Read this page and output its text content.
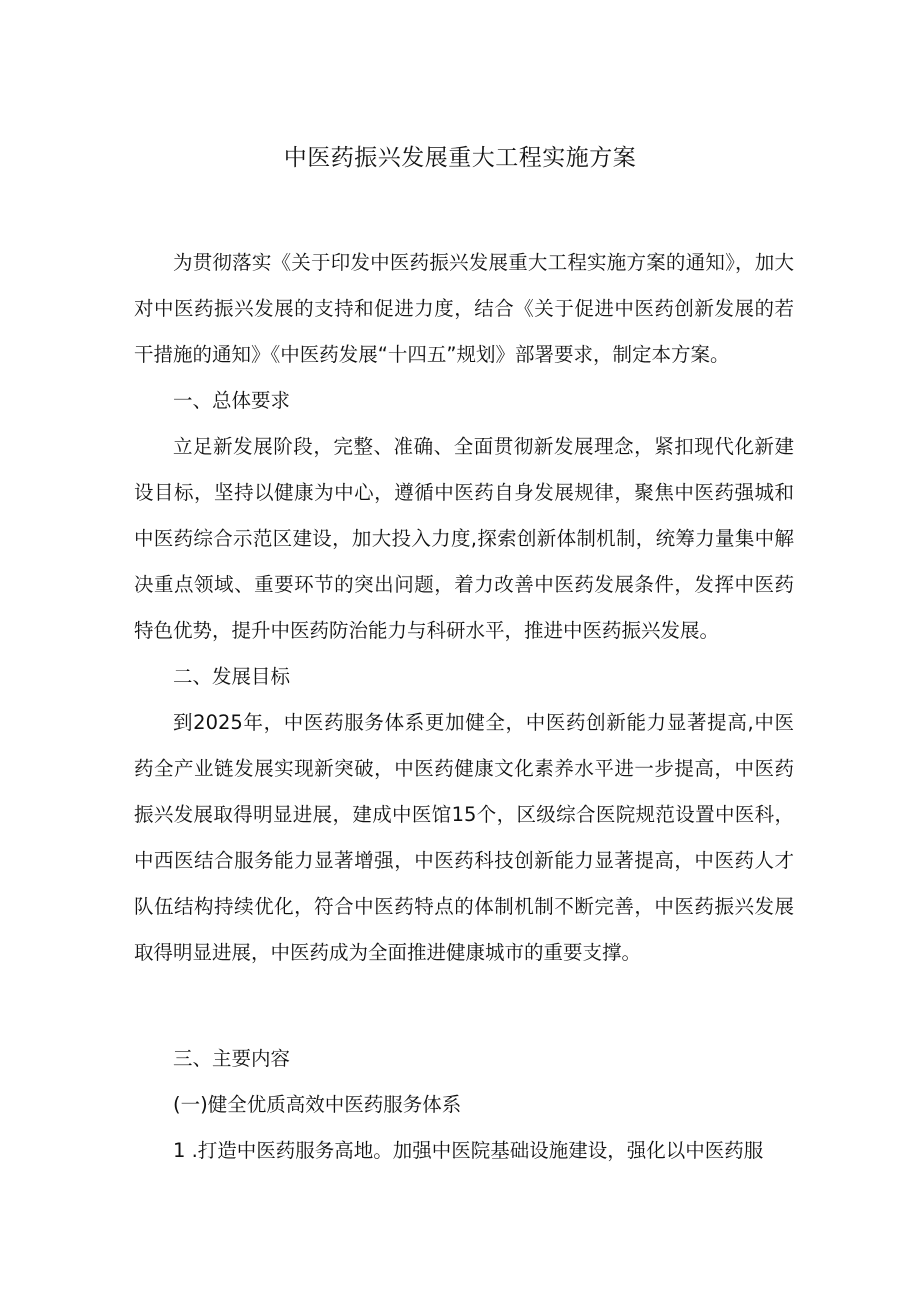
中医药振兴发展重大工程实施方案

为贯彻落实《关于印发中医药振兴发展重大工程实施方案的通知》，加大对中医药振兴发展的支持和促进力度，结合《关于促进中医药创新发展的若干措施的通知》《中医药发展“十四五”规划》部署要求，制定本方案。

一、总体要求

立足新发展阶段，完整、准确、全面贯彻新发展理念，紧扣现代化新建设目标，坚持以健康为中心，遵循中医药自身发展规律，聚焦中医药强城和中医药综合示范区建设，加大投入力度,探索创新体制机制，统筹力量集中解决重点领域、重要环节的突出问题，着力改善中医药发展条件，发挥中医药特色优势，提升中医药防治能力与科研水平，推进中医药振兴发展。

二、发展目标

到2025年，中医药服务体系更加健全，中医药创新能力显著提高,中医药全产业链发展实现新突破，中医药健康文化素养水平进一步提高，中医药振兴发展取得明显进展，建成中医馆15个，区级综合医院规范设置中医科，中西医结合服务能力显著增强，中医药科技创新能力显著提高，中医药人才队伍结构持续优化，符合中医药特点的体制机制不断完善，中医药振兴发展取得明显进展，中医药成为全面推进健康城市的重要支撑。

三、主要内容

(一)健全优质高效中医药服务体系

1 .打造中医药服务高地。加强中医院基础设施建设，强化以中医药服
